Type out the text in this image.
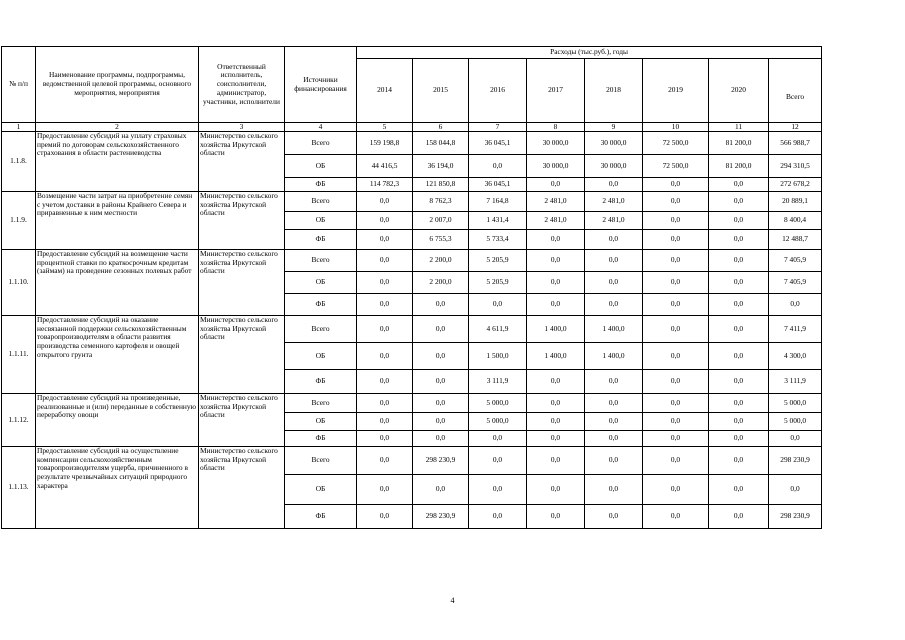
№ п/п	Наименование программы, подпрограммы, ведомственной целевой программы, основного мероприятия, мероприятия	Ответственный исполнитель, соисполнители, администратор, участники, исполнители	Источники финансирования	Расходы (тыс.руб.), годы							
				2014	2015	2016	2017	2018	2019	2020	Всего
1	2	3	4	5	6	7	8	9	10	11	12
1.1.8.	Предоставление субсидий на уплату страховых премий по договорам сельскохозяйственного страхования в области растениеводства	Министерство сельского хозяйства Иркутской области	Всего	159 198,8	158 044,8	36 045,1	30 000,0	30 000,0	72 500,0	81 200,0	566 988,7
			ОБ	44 416,5	36 194,0	0,0	30 000,0	30 000,0	72 500,0	81 200,0	294 310,5
			ФБ	114 782,3	121 850,8	36 045,1	0,0	0,0	0,0	0,0	272 678,2
1.1.9.	Возмещение части затрат на приобретение семян с учетом доставки в районы Крайнего Севера и приравненные к ним местности	Министерство сельского хозяйства Иркутской области	Всего	0,0	8 762,3	7 164,8	2 481,0	2 481,0	0,0	0,0	20 889,1
			ОБ	0,0	2 007,0	1 431,4	2 481,0	2 481,0	0,0	0,0	8 400,4
			ФБ	0,0	6 755,3	5 733,4	0,0	0,0	0,0	0,0	12 488,7
1.1.10.	Предоставление субсидий на возмещение части процентной ставки по краткосрочным кредитам (займам) на проведение сезонных полевых работ	Министерство сельского хозяйства Иркутской области	Всего	0,0	2 200,0	5 205,9	0,0	0,0	0,0	0,0	7 405,9
			ОБ	0,0	2 200,0	5 205,9	0,0	0,0	0,0	0,0	7 405,9
			ФБ	0,0	0,0	0,0	0,0	0,0	0,0	0,0	0,0
1.1.11.	Предоставление субсидий на оказание несвязанной поддержки сельскохозяйственным товаропроизводителям в области развития производства семенного картофеля и овощей открытого грунта	Министерство сельского хозяйства Иркутской области	Всего	0,0	0,0	4 611,9	1 400,0	1 400,0	0,0	0,0	7 411,9
			ОБ	0,0	0,0	1 500,0	1 400,0	1 400,0	0,0	0,0	4 300,0
			ФБ	0,0	0,0	3 111,9	0,0	0,0	0,0	0,0	3 111,9
1.1.12.	Предоставление субсидий на произведенные, реализованные и (или) переданные в собственную переработку овощи	Министерство сельского хозяйства Иркутской области	Всего	0,0	0,0	5 000,0	0,0	0,0	0,0	0,0	5 000,0
			ОБ	0,0	0,0	5 000,0	0,0	0,0	0,0	0,0	5 000,0
			ФБ	0,0	0,0	0,0	0,0	0,0	0,0	0,0	0,0
1.1.13.	Предоставление субсидий на осуществление компенсации сельскохозяйственным товаропроизводителям ущерба, причиненного в результате чрезвычайных ситуаций природного характера	Министерство сельского хозяйства Иркутской области	Всего	0,0	298 230,9	0,0	0,0	0,0	0,0	0,0	298 230,9
			ОБ	0,0	0,0	0,0	0,0	0,0	0,0	0,0	0,0
			ФБ	0,0	298 230,9	0,0	0,0	0,0	0,0	0,0	298 230,9
4
